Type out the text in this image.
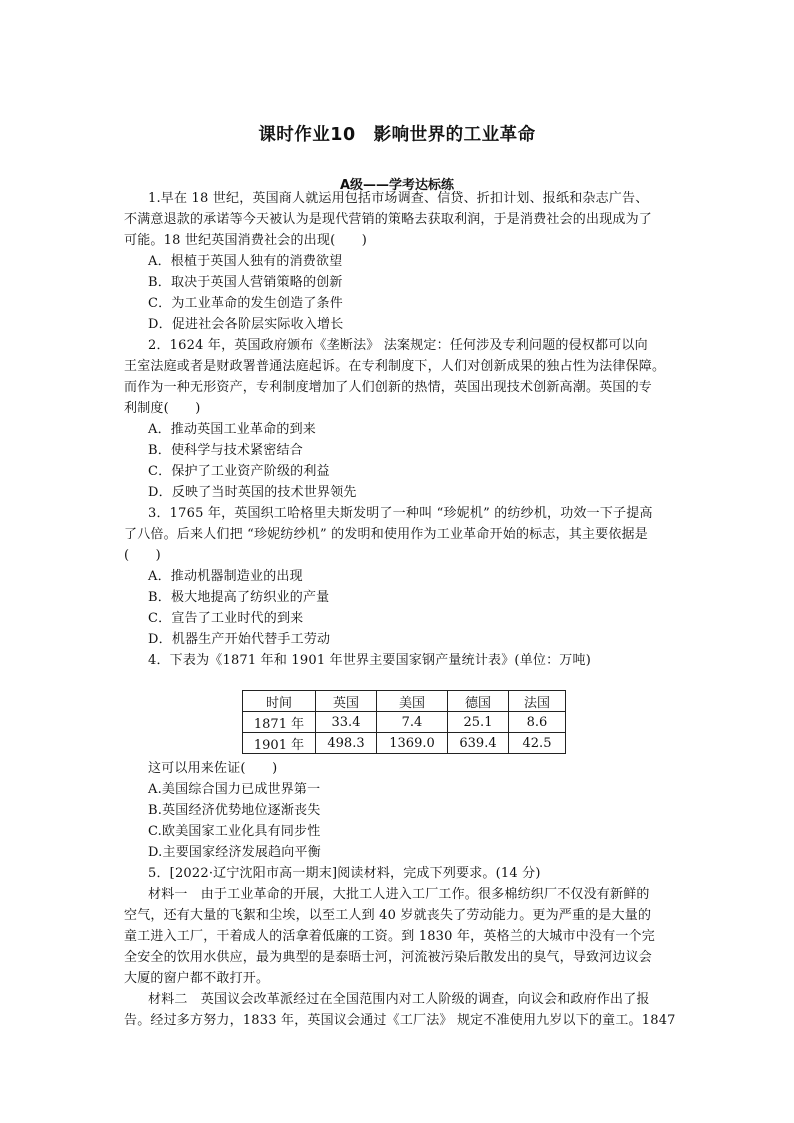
课时作业10　影响世界的工业革命
A级——学考达标练
1.早在 18 世纪，英国商人就运用包括市场调查、信贷、折扣计划、报纸和杂志广告、
不满意退款的承诺等今天被认为是现代营销的策略去获取利润，于是消费社会的出现成为了
可能。18 世纪英国消费社会的出现(　　)
A．根植于英国人独有的消费欲望
B．取决于英国人营销策略的创新
C．为工业革命的发生创造了条件
D．促进社会各阶层实际收入增长
2．1624 年，英国政府颁布《垄断法》 法案规定：任何涉及专利问题的侵权都可以向
王室法庭或者是财政署普通法庭起诉。在专利制度下，人们对创新成果的独占性为法律保障。
而作为一种无形资产，专利制度增加了人们创新的热情，英国出现技术创新高潮。英国的专
利制度(　　)
A．推动英国工业革命的到来
B．使科学与技术紧密结合
C．保护了工业资产阶级的利益
D．反映了当时英国的技术世界领先
3．1765 年，英国织工哈格里夫斯发明了一种叫 “珍妮机” 的纺纱机，功效一下子提高
了八倍。后来人们把 “珍妮纺纱机” 的发明和使用作为工业革命开始的标志，其主要依据是
(　　)
A．推动机器制造业的出现
B．极大地提高了纺织业的产量
C．宣告了工业时代的到来
D．机器生产开始代替手工劳动
4．下表为《1871 年和 1901 年世界主要国家钢产量统计表》(单位：万吨)
时间	英国	美国	德国	法国
1871 年	33.4	7.4	25.1	8.6
1901 年	498.3	1369.0	639.4	42.5
这可以用来佐证(　　)
A.美国综合国力已成世界第一
B.英国经济优势地位逐渐丧失
C.欧美国家工业化具有同步性
D.主要国家经济发展趋向平衡
5．[2022·辽宁沈阳市高一期末]阅读材料，完成下列要求。(14 分)
材料一　由于工业革命的开展，大批工人进入工厂工作。很多棉纺织厂不仅没有新鲜的
空气，还有大量的飞絮和尘埃，以至工人到 40 岁就丧失了劳动能力。更为严重的是大量的
童工进入工厂，干着成人的活拿着低廉的工资。到 1830 年，英格兰的大城市中没有一个完
全安全的饮用水供应，最为典型的是泰晤士河，河流被污染后散发出的臭气，导致河边议会
大厦的窗户都不敢打开。
材料二　英国议会改革派经过在全国范围内对工人阶级的调查，向议会和政府作出了报
告。经过多方努力，1833 年，英国议会通过《工厂法》 规定不准使用九岁以下的童工。1847
